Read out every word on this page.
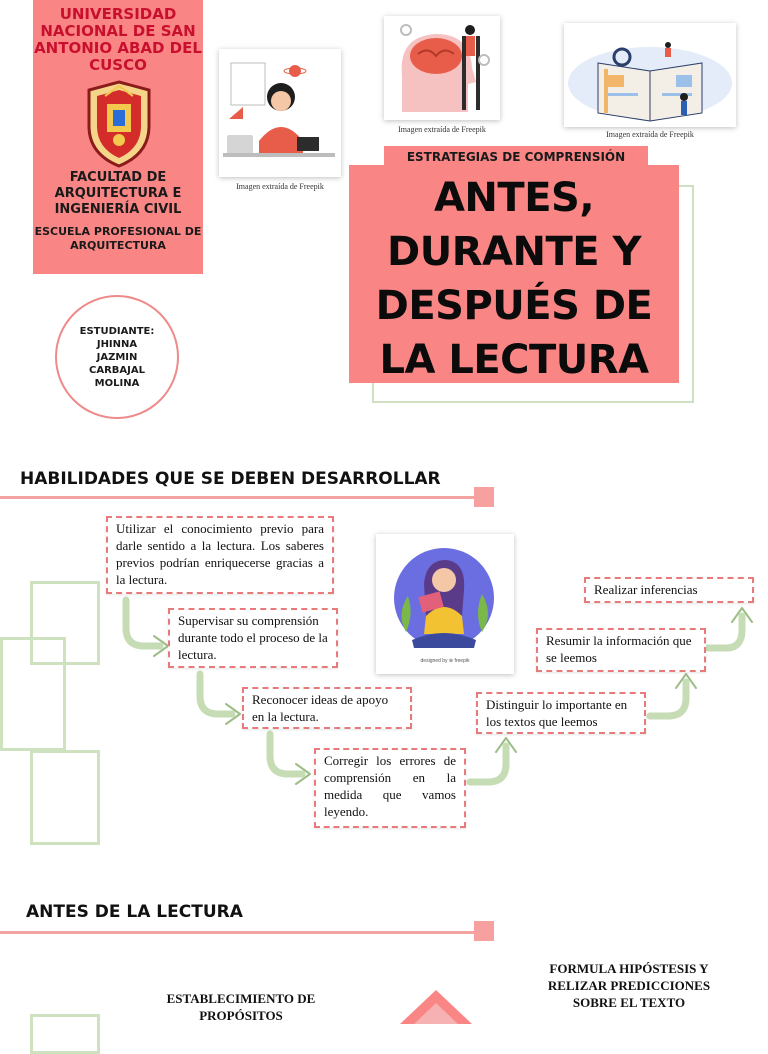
UNIVERSIDAD NACIONAL DE SAN ANTONIO ABAD DEL CUSCO
FACULTAD DE ARQUITECTURA E INGENIERÍA CIVIL
ESCUELA PROFESIONAL DE ARQUITECTURA
ESTUDIANTE:
JHINNA JAZMIN CARBAJAL MOLINA
Imagen extraída de Freepik
Imagen extraída de Freepik
Imagen extraída de Freepik
ESTRATEGIAS DE COMPRENSIÓN
ANTES,
DURANTE Y
DESPUÉS DE
LA LECTURA
HABILIDADES QUE SE DEBEN DESARROLLAR
Utilizar el conocimiento previo para darle sentido a la lectura. Los saberes previos podrían enriquecerse gracias a la lectura.
Supervisar su comprensión durante todo el proceso de la lectura.
Reconocer ideas de apoyo en la lectura.
Corregir los errores de comprensión en la medida que vamos leyendo.
Distinguir lo importante en los textos que leemos
Resumir la información que se leemos
Realizar inferencias
designed by ⊕ freepik
ANTES DE LA LECTURA
ESTABLECIMIENTO DE PROPÓSITOS
FORMULA HIPÓSTESIS Y RELIZAR PREDICCIONES SOBRE EL TEXTO
